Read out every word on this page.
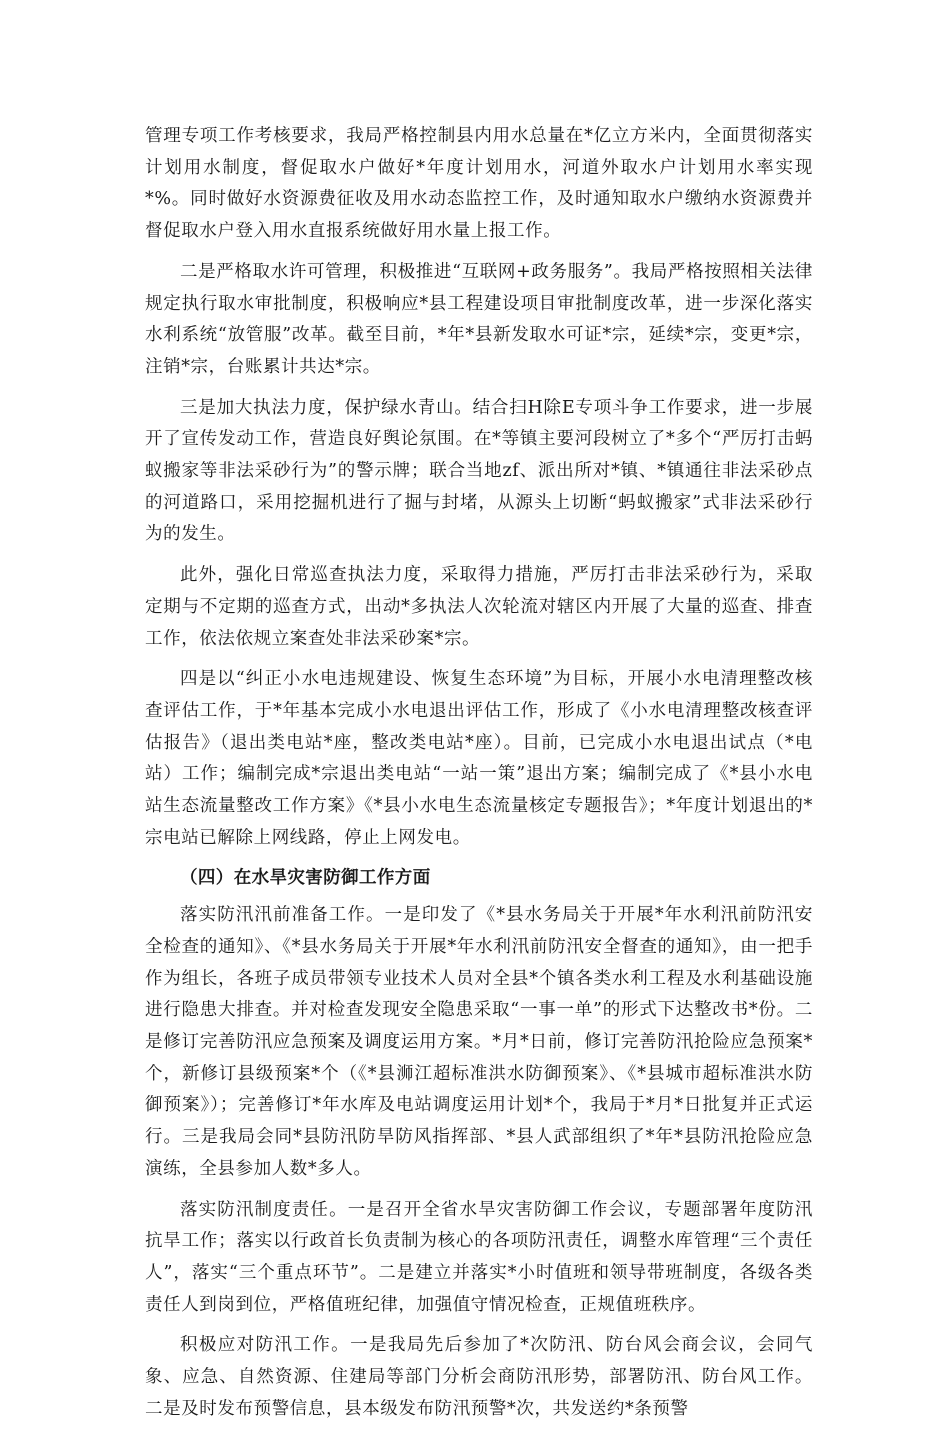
管理专项工作考核要求，我局严格控制县内用水总量在*亿立方米内，全面贯彻落实计划用水制度，督促取水户做好*年度计划用水，河道外取水户计划用水率实现*%。同时做好水资源费征收及用水动态监控工作，及时通知取水户缴纳水资源费并督促取水户登入用水直报系统做好用水量上报工作。

二是严格取水许可管理，积极推进“互联网+政务服务”。我局严格按照相关法律规定执行取水审批制度，积极响应*县工程建设项目审批制度改革，进一步深化落实水利系统“放管服”改革。截至目前，*年*县新发取水可证*宗，延续*宗，变更*宗，注销*宗，台账累计共达*宗。

三是加大执法力度，保护绿水青山。结合扫H除E专项斗争工作要求，进一步展开了宣传发动工作，营造良好舆论氛围。在*等镇主要河段树立了*多个“严厉打击蚂蚁搬家等非法采砂行为”的警示牌；联合当地zf、派出所对*镇、*镇通往非法采砂点的河道路口，采用挖掘机进行了掘与封堵，从源头上切断“蚂蚁搬家”式非法采砂行为的发生。

此外，强化日常巡查执法力度，采取得力措施，严厉打击非法采砂行为，采取定期与不定期的巡查方式，出动*多执法人次轮流对辖区内开展了大量的巡查、排查工作，依法依规立案查处非法采砂案*宗。

四是以“纠正小水电违规建设、恢复生态环境”为目标，开展小水电清理整改核查评估工作，于*年基本完成小水电退出评估工作，形成了《小水电清理整改核查评估报告》（退出类电站*座，整改类电站*座）。目前，已完成小水电退出试点（*电站）工作；编制完成*宗退出类电站“一站一策”退出方案；编制完成了《*县小水电站生态流量整改工作方案》《*县小水电生态流量核定专题报告》；*年度计划退出的*宗电站已解除上网线路，停止上网发电。

（四）在水旱灾害防御工作方面

落实防汛汛前准备工作。一是印发了《*县水务局关于开展*年水利汛前防汛安全检查的通知》、《*县水务局关于开展*年水利汛前防汛安全督查的通知》，由一把手作为组长，各班子成员带领专业技术人员对全县*个镇各类水利工程及水利基础设施进行隐患大排查。并对检查发现安全隐患采取“一事一单”的形式下达整改书*份。二是修订完善防汛应急预案及调度运用方案。*月*日前，修订完善防汛抢险应急预案*个，新修订县级预案*个（《*县浉江超标准洪水防御预案》、《*县城市超标准洪水防御预案》）；完善修订*年水库及电站调度运用计划*个，我局于*月*日批复并正式运行。三是我局会同*县防汛防旱防风指挥部、*县人武部组织了*年*县防汛抢险应急演练，全县参加人数*多人。

落实防汛制度责任。一是召开全省水旱灾害防御工作会议，专题部署年度防汛抗旱工作；落实以行政首长负责制为核心的各项防汛责任，调整水库管理“三个责任人”，落实“三个重点环节”。二是建立并落实*小时值班和领导带班制度，各级各类责任人到岗到位，严格值班纪律，加强值守情况检查，正规值班秩序。

积极应对防汛工作。一是我局先后参加了*次防汛、防台风会商会议，会同气象、应急、自然资源、住建局等部门分析会商防汛形势，部署防汛、防台风工作。二是及时发布预警信息，县本级发布防汛预警*次，共发送约*条预警
